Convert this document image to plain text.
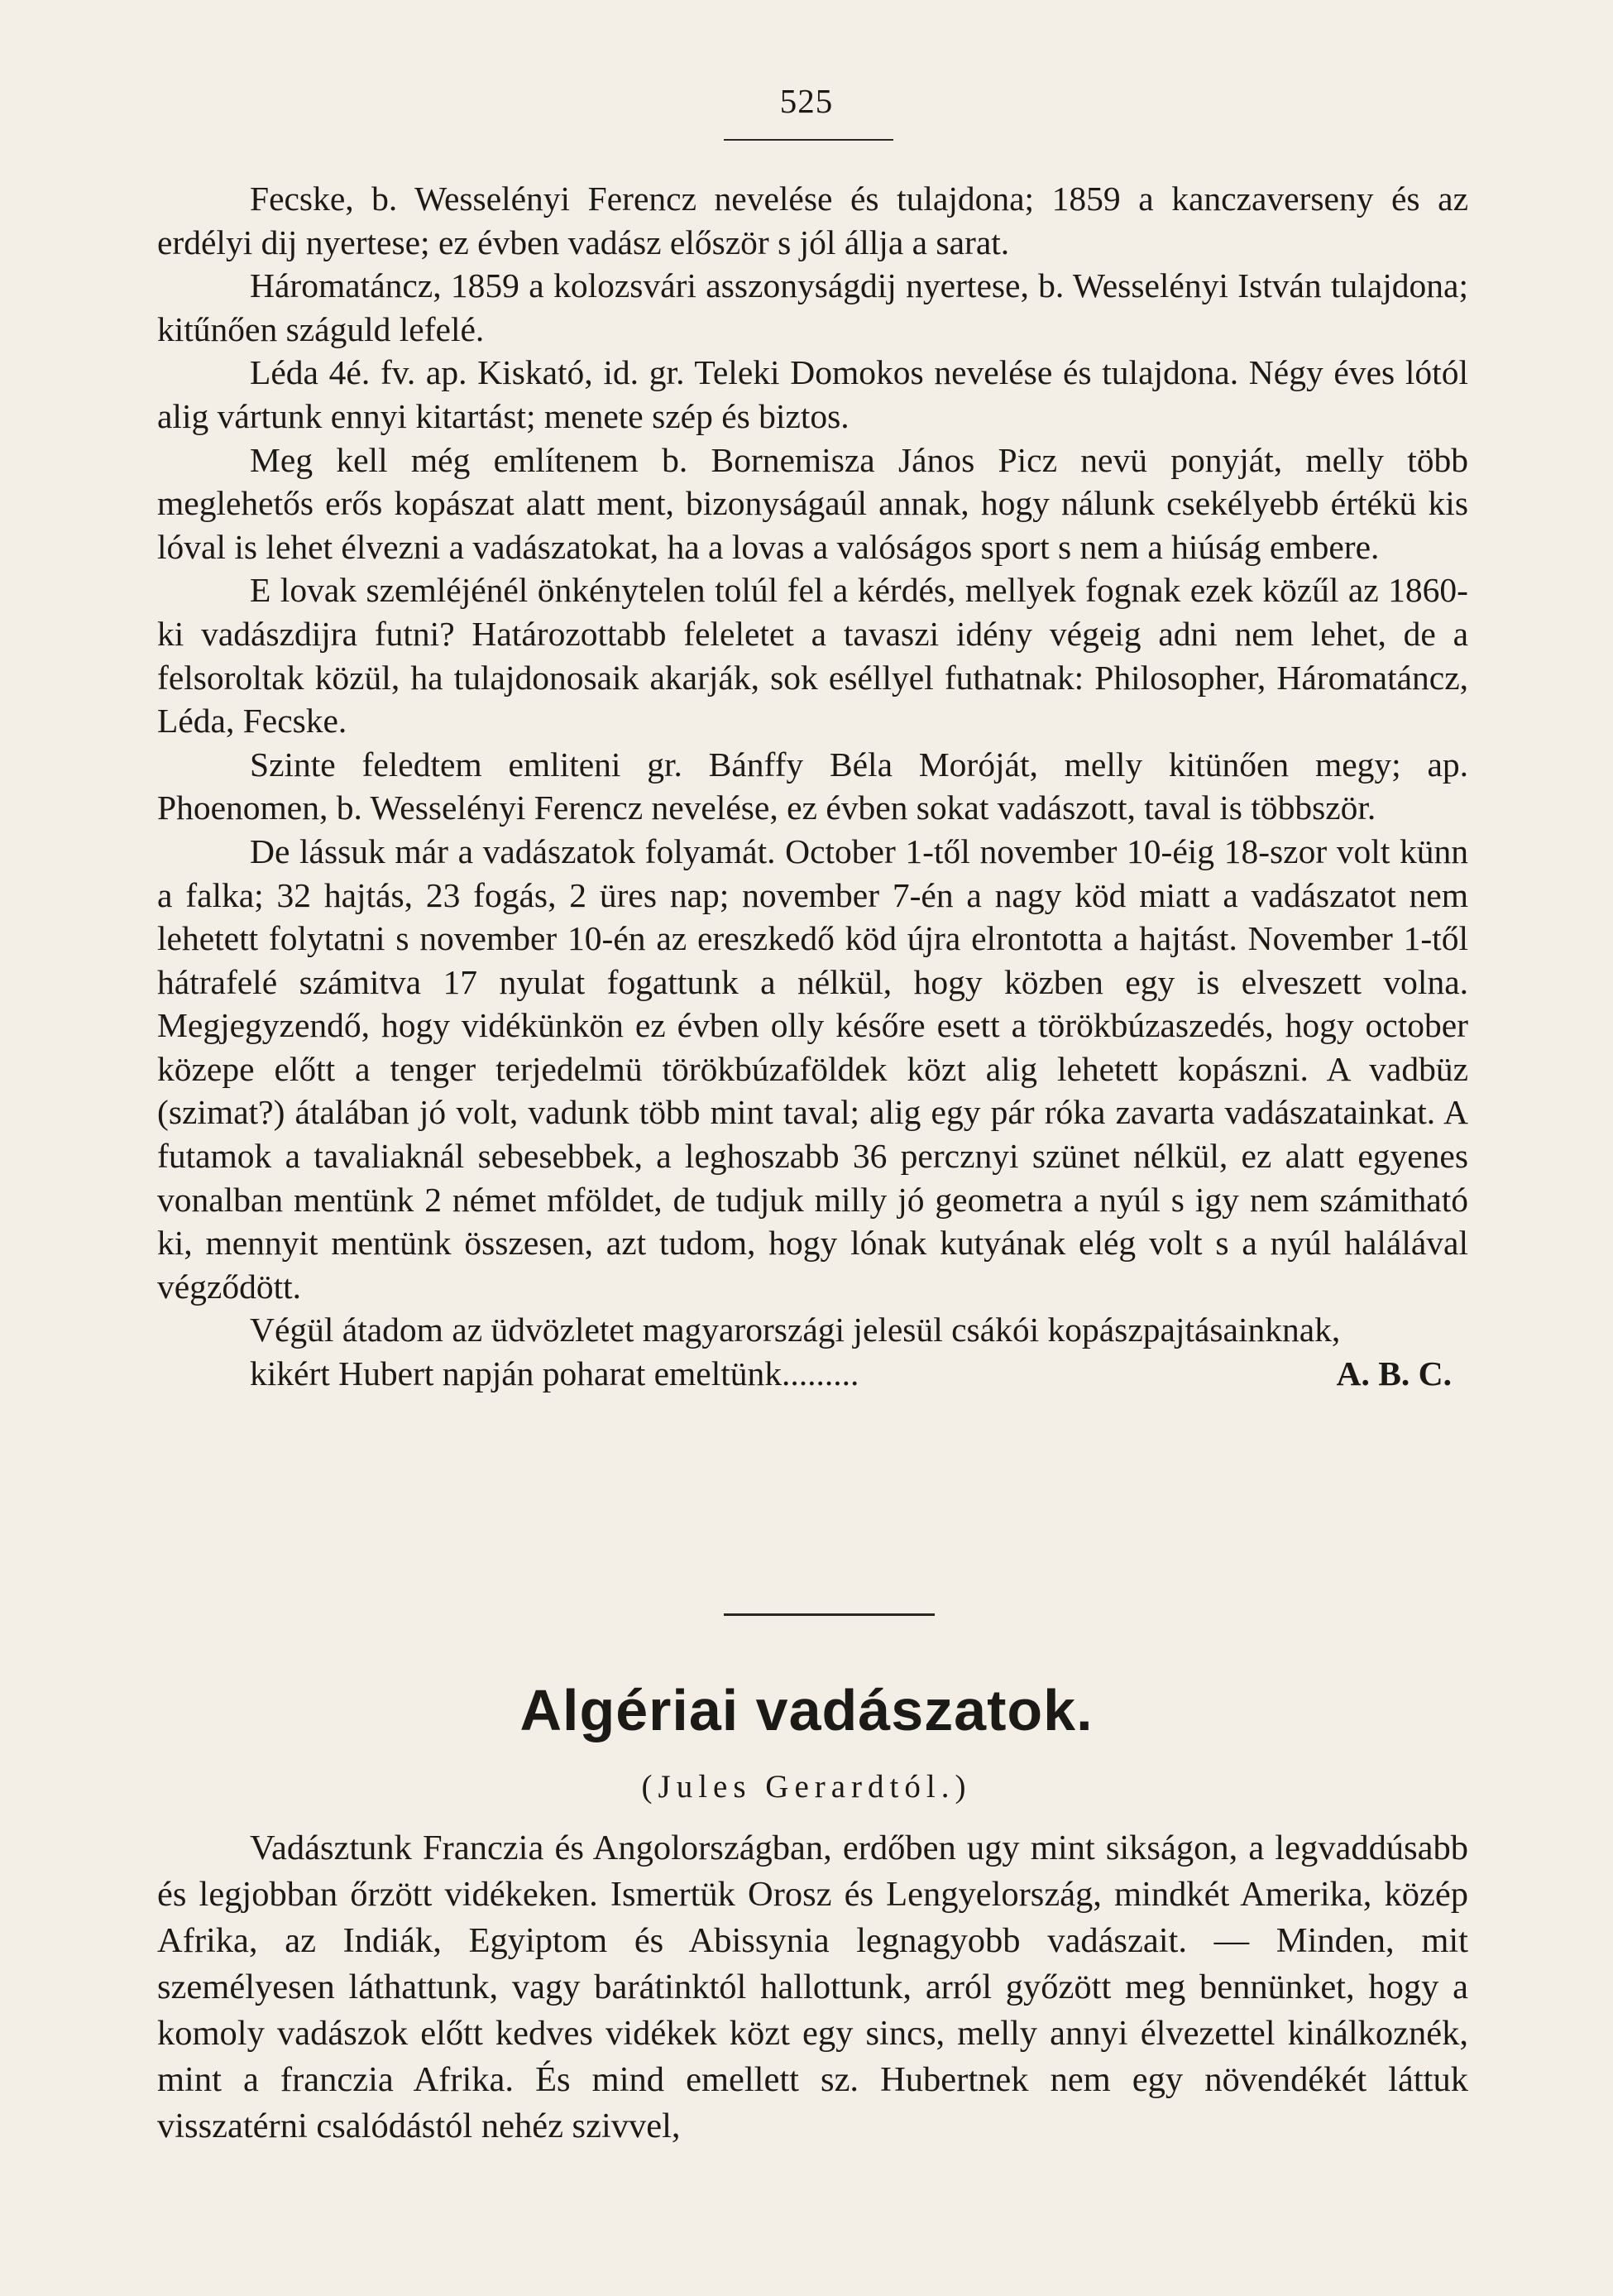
525

Fecske, b. Wesselényi Ferencz nevelése és tulajdona; 1859 a kanczaverseny és az erdélyi dij nyertese; ez évben vadász először s jól állja a sarat.

Háromatáncz, 1859 a kolozsvári asszonyságdij nyertese, b. Wesselényi István tulajdona; kitűnően száguld lefelé.

Léda 4é. fv. ap. Kiskató, id. gr. Teleki Domokos nevelése és tulajdona. Négy éves lótól alig vártunk ennyi kitartást; menete szép és biztos.

Meg kell még említenem b. Bornemisza János Picz nevü ponyját, melly több meglehetős erős kopászat alatt ment, bizonyságaúl annak, hogy nálunk csekélyebb értékü kis lóval is lehet élvezni a vadászatokat, ha a lovas a valóságos sport s nem a hiúság embere.

E lovak szemléjénél önkénytelen tolúl fel a kérdés, mellyek fognak ezek közűl az 1860-ki vadászdijra futni? Határozottabb feleletet a tavaszi idény végeig adni nem lehet, de a felsoroltak közül, ha tulajdonosaik akarják, sok eséllyel futhatnak: Philosopher, Háromatáncz, Léda, Fecske.

Szinte feledtem emliteni gr. Bánffy Béla Moróját, melly kitünően megy; ap. Phoenomen, b. Wesselényi Ferencz nevelése, ez évben sokat vadászott, taval is többször.

De lássuk már a vadászatok folyamát. October 1-től november 10-éig 18-szor volt künn a falka; 32 hajtás, 23 fogás, 2 üres nap; november 7-én a nagy köd miatt a vadászatot nem lehetett folytatni s november 10-én az ereszkedő köd újra elrontotta a hajtást. November 1-től hátrafelé számitva 17 nyulat fogattunk a nélkül, hogy közben egy is elveszett volna. Megjegyzendő, hogy vidékünkön ez évben olly későre esett a törökbúzaszedés, hogy october közepe előtt a tenger terjedelmü törökbúzaföldek közt alig lehetett kopászni. A vadbüz (szimat?) átalában jó volt, vadunk több mint taval; alig egy pár róka zavarta vadászatainkat. A futamok a tavaliaknál sebesebbek, a leghoszabb 36 percznyi szünet nélkül, ez alatt egyenes vonalban mentünk 2 német mföldet, de tudjuk milly jó geometra a nyúl s igy nem számitható ki, mennyit mentünk összesen, azt tudom, hogy lónak kutyának elég volt s a nyúl halálával végződött.

Végül átadom az üdvözletet magyarországi jelesül csákói kopászpajtásainknak,

kikért Hubert napján poharat emeltünk.........	A. B. C.

Algériai vadászatok.
(Jules Gerardtól.)

Vadásztunk Franczia és Angolországban, erdőben ugy mint sikságon, a legvaddúsabb és legjobban őrzött vidékeken. Ismertük Orosz és Lengyelország, mindkét Amerika, közép Afrika, az Indiák, Egyiptom és Abissynia legnagyobb vadászait. — Minden, mit személyesen láthattunk, vagy barátinktól hallottunk, arról győzött meg bennünket, hogy a komoly vadászok előtt kedves vidékek közt egy sincs, melly annyi élvezettel kinálkoznék, mint a franczia Afrika. És mind emellett sz. Hubertnek nem egy növendékét láttuk visszatérni csalódástól nehéz szivvel,
